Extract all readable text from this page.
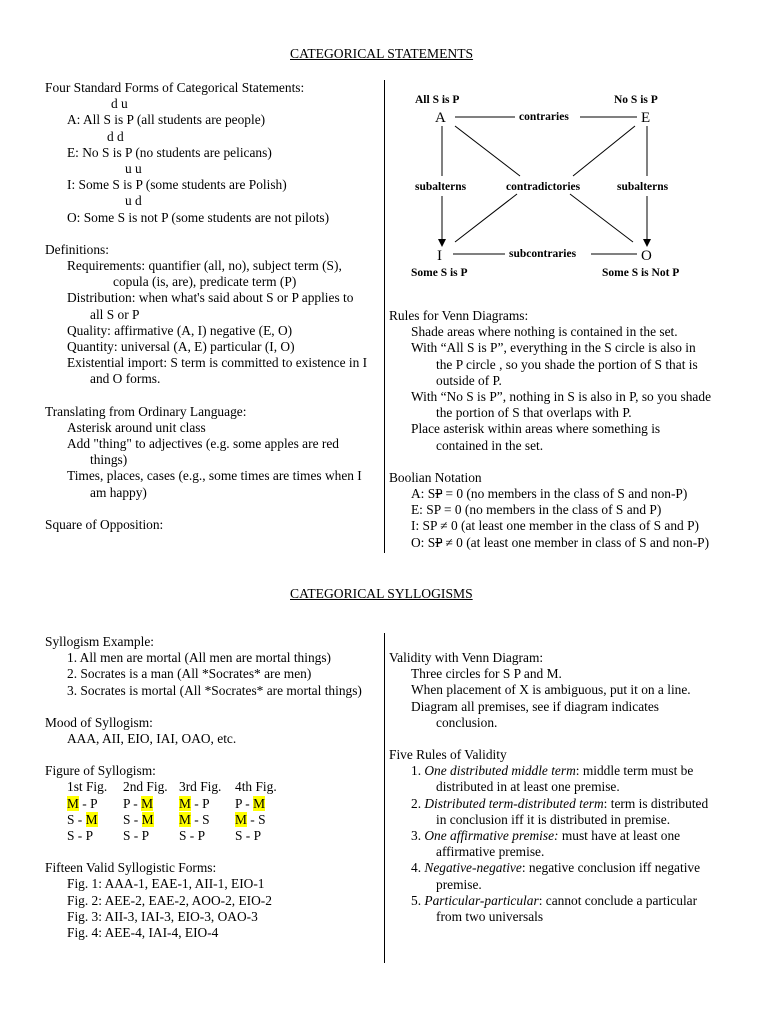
CATEGORICAL STATEMENTS
CATEGORICAL SYLLOGISMS
Four Standard Forms of Categorical Statements:
d u
A: All S is P (all students are people)
d d
E: No S is P (no students are pelicans)
u u
I: Some S is P (some students are Polish)
u d
O: Some S is not P (some students are not pilots)
Definitions:
Requirements: quantifier (all, no), subject term (S),
copula (is, are), predicate term (P)
Distribution: when what's said about S or P applies to
all S or P
Quality: affirmative (A, I) negative (E, O)
Quantity: universal (A, E) particular (I, O)
Existential import: S term is committed to existence in I
and O forms.
Translating from Ordinary Language:
Asterisk around unit class
Add "thing" to adjectives (e.g. some apples are red
things)
Times, places, cases (e.g., some times are times when I
am happy)
Square of Opposition:
All S is P	No S is P
A	E
contraries
subalterns	subalterns
contradictories
I	O
subcontraries
Some S is P	Some S is Not P
Rules for Venn Diagrams:
Shade areas where nothing is contained in the set.
With “All S is P”, everything in the S circle is also in
the P circle , so you shade the portion of S that is
outside of P.
With “No S is P”, nothing in S is also in P, so you shade
the portion of S that overlaps with P.
Place asterisk within areas where something is
contained in the set.
Boolian Notation
A: SP = 0 (no members in the class of S and non-P)
E: SP = 0 (no members in the class of S and P)
I: SP ≠ 0 (at least one member in the class of S and P)
O: SP ≠ 0 (at least one member in class of S and non-P)
Syllogism Example:
1. All men are mortal (All men are mortal things)
2. Socrates is a man (All *Socrates* are men)
3. Socrates is mortal (All *Socrates* are mortal things)
Mood of Syllogism:
AAA, AII, EIO, IAI, OAO, etc.
Figure of Syllogism:
1st Fig.	2nd Fig. 3rd Fig.	4th Fig.
M - P	P - M	M - P	P - M
S - M	S - M	M - S	M - S
S - P	S - P	S - P	S - P
Fifteen Valid Syllogistic Forms:
Fig. 1: AAA-1, EAE-1, AII-1, EIO-1
Fig. 2: AEE-2, EAE-2, AOO-2, EIO-2
Fig. 3: AII-3, IAI-3, EIO-3, OAO-3
Fig. 4: AEE-4, IAI-4, EIO-4
Validity with Venn Diagram:
Three circles for S P and M.
When placement of X is ambiguous, put it on a line.
Diagram all premises, see if diagram indicates
conclusion.
Five Rules of Validity
1. One distributed middle term: middle term must be
distributed in at least one premise.
2. Distributed term-distributed term: term is distributed
in conclusion iff it is distributed in premise.
3. One affirmative premise: must have at least one
affirmative premise.
4. Negative-negative: negative conclusion iff negative
premise.
5. Particular-particular: cannot conclude a particular
from two universals
